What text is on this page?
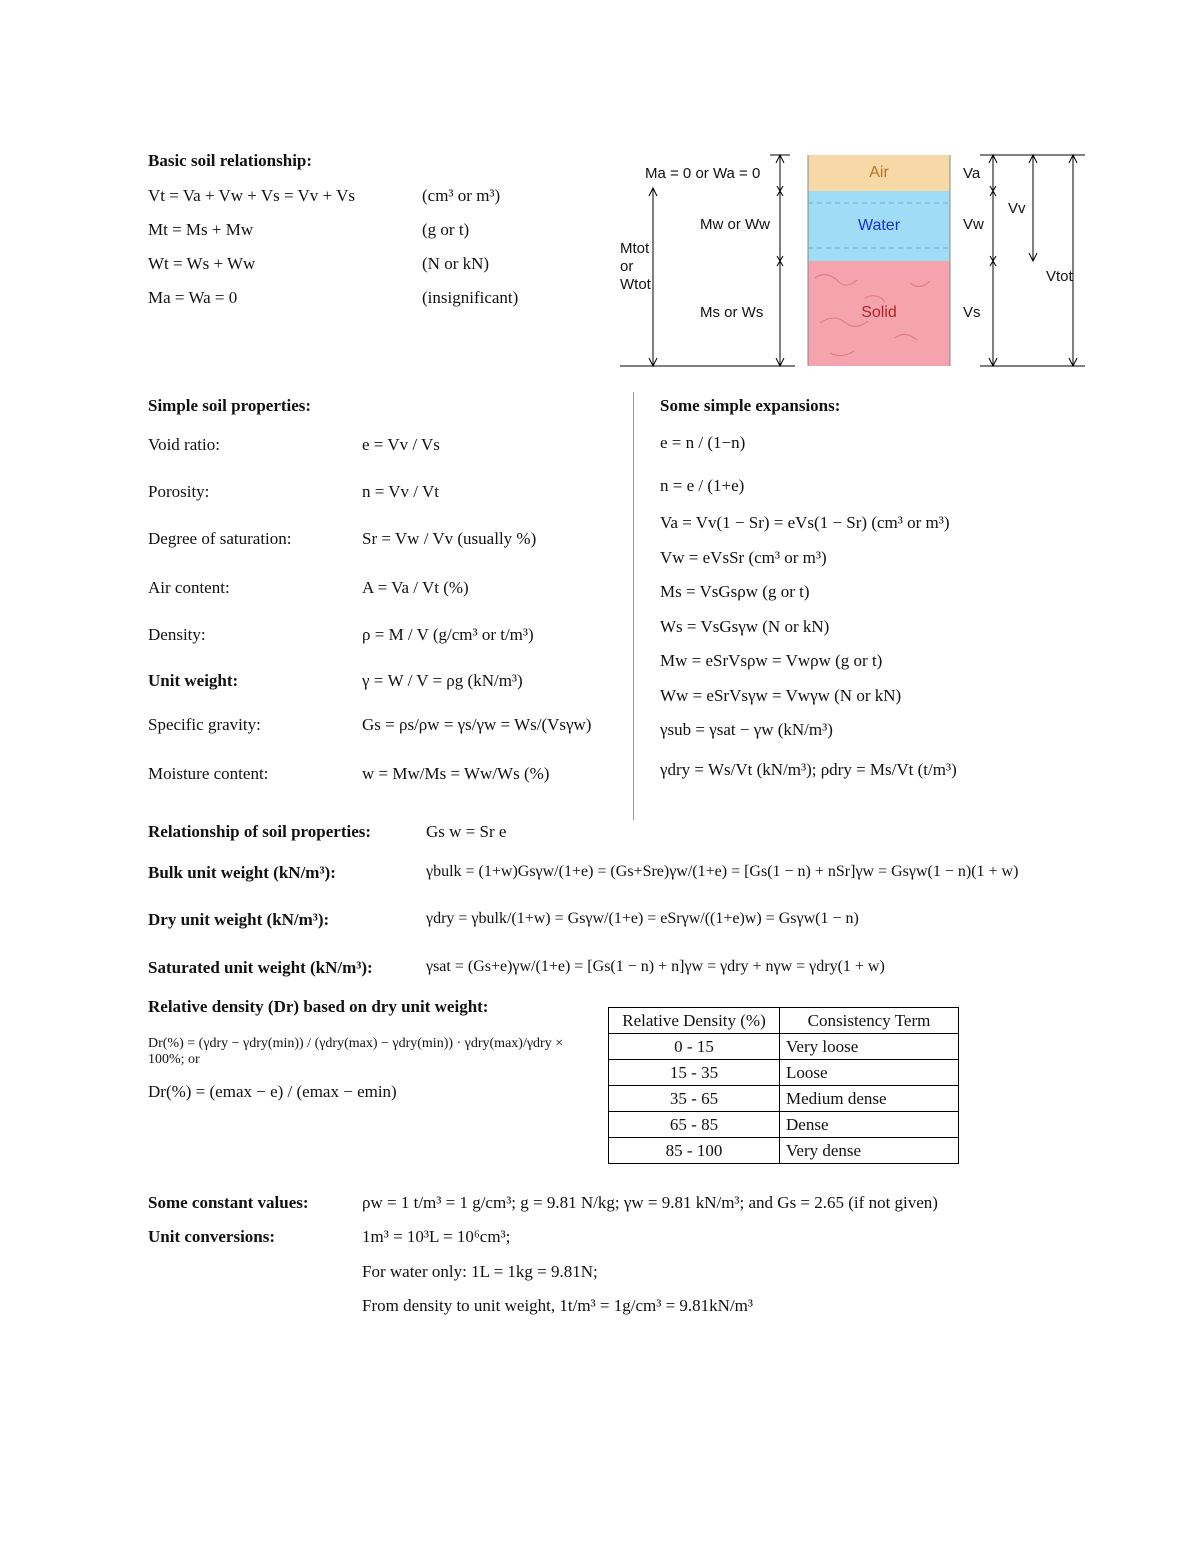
Basic soil relationship:
Vt = Va + Vw + Vs = Vv + Vs	(cm³ or m³)
Mt = Ms + Mw	(g or t)
Wt = Ws + Ww	(N or kN)
Ma = Wa = 0	(insignificant)
Air
Water
Solid
Ma = 0 or Wa = 0
Mw or Ww
Ms or Ws
Mtot or Wtot
Va
Vw
Vs
Vv
Vtot
Simple soil properties:
Void ratio:	e = Vv / Vs
Porosity:	n = Vv / Vt
Degree of saturation:	Sr = Vw / Vv (usually %)
Air content:	A = Va / Vt (%)
Density:	ρ = M / V (g/cm³ or t/m³)
Unit weight:	γ = W / V = ρg (kN/m³)
Specific gravity:	Gs = ρs/ρw = γs/γw = Ws/(Vsγw)
Moisture content:	w = Mw/Ms = Ww/Ws (%)
Some simple expansions:
e = n / (1−n)
n = e / (1+e)
Va = Vv(1 − Sr) = eVs(1 − Sr) (cm³ or m³)
Vw = eVsSr (cm³ or m³)
Ms = VsGsρw (g or t)
Ws = VsGsγw (N or kN)
Mw = eSrVsρw = Vwρw (g or t)
Ww = eSrVsγw = Vwγw (N or kN)
γsub = γsat − γw (kN/m³)
γdry = Ws/Vt (kN/m³); ρdry = Ms/Vt (t/m³)
Relationship of soil properties:	Gs w = Sr e
Bulk unit weight (kN/m³):	γbulk = (1+w)Gsγw/(1+e) = (Gs+Sre)γw/(1+e) = [Gs(1 − n) + nSr]γw = Gsγw(1 − n)(1 + w)
Dry unit weight (kN/m³):	γdry = γbulk/(1+w) = Gsγw/(1+e) = eSrγw/((1+e)w) = Gsγw(1 − n)
Saturated unit weight (kN/m³):	γsat = (Gs+e)γw/(1+e) = [Gs(1 − n) + n]γw = γdry + nγw = γdry(1 + w)
Relative density (Dr) based on dry unit weight:
Dr(%) = (γdry − γdry(min)) / (γdry(max) − γdry(min)) · γdry(max)/γdry × 100%; or
Dr(%) = (emax − e) / (emax − emin)
Relative Density (%)	Consistency Term
0 - 15	Very loose
15 - 35	Loose
35 - 65	Medium dense
65 - 85	Dense
85 - 100	Very dense
Some constant values:	ρw = 1 t/m³ = 1 g/cm³; g = 9.81 N/kg; γw = 9.81 kN/m³; and Gs = 2.65 (if not given)
Unit conversions:	1m³ = 10³L = 10⁶cm³;
For water only: 1L = 1kg = 9.81N;
From density to unit weight, 1t/m³ = 1g/cm³ = 9.81kN/m³
